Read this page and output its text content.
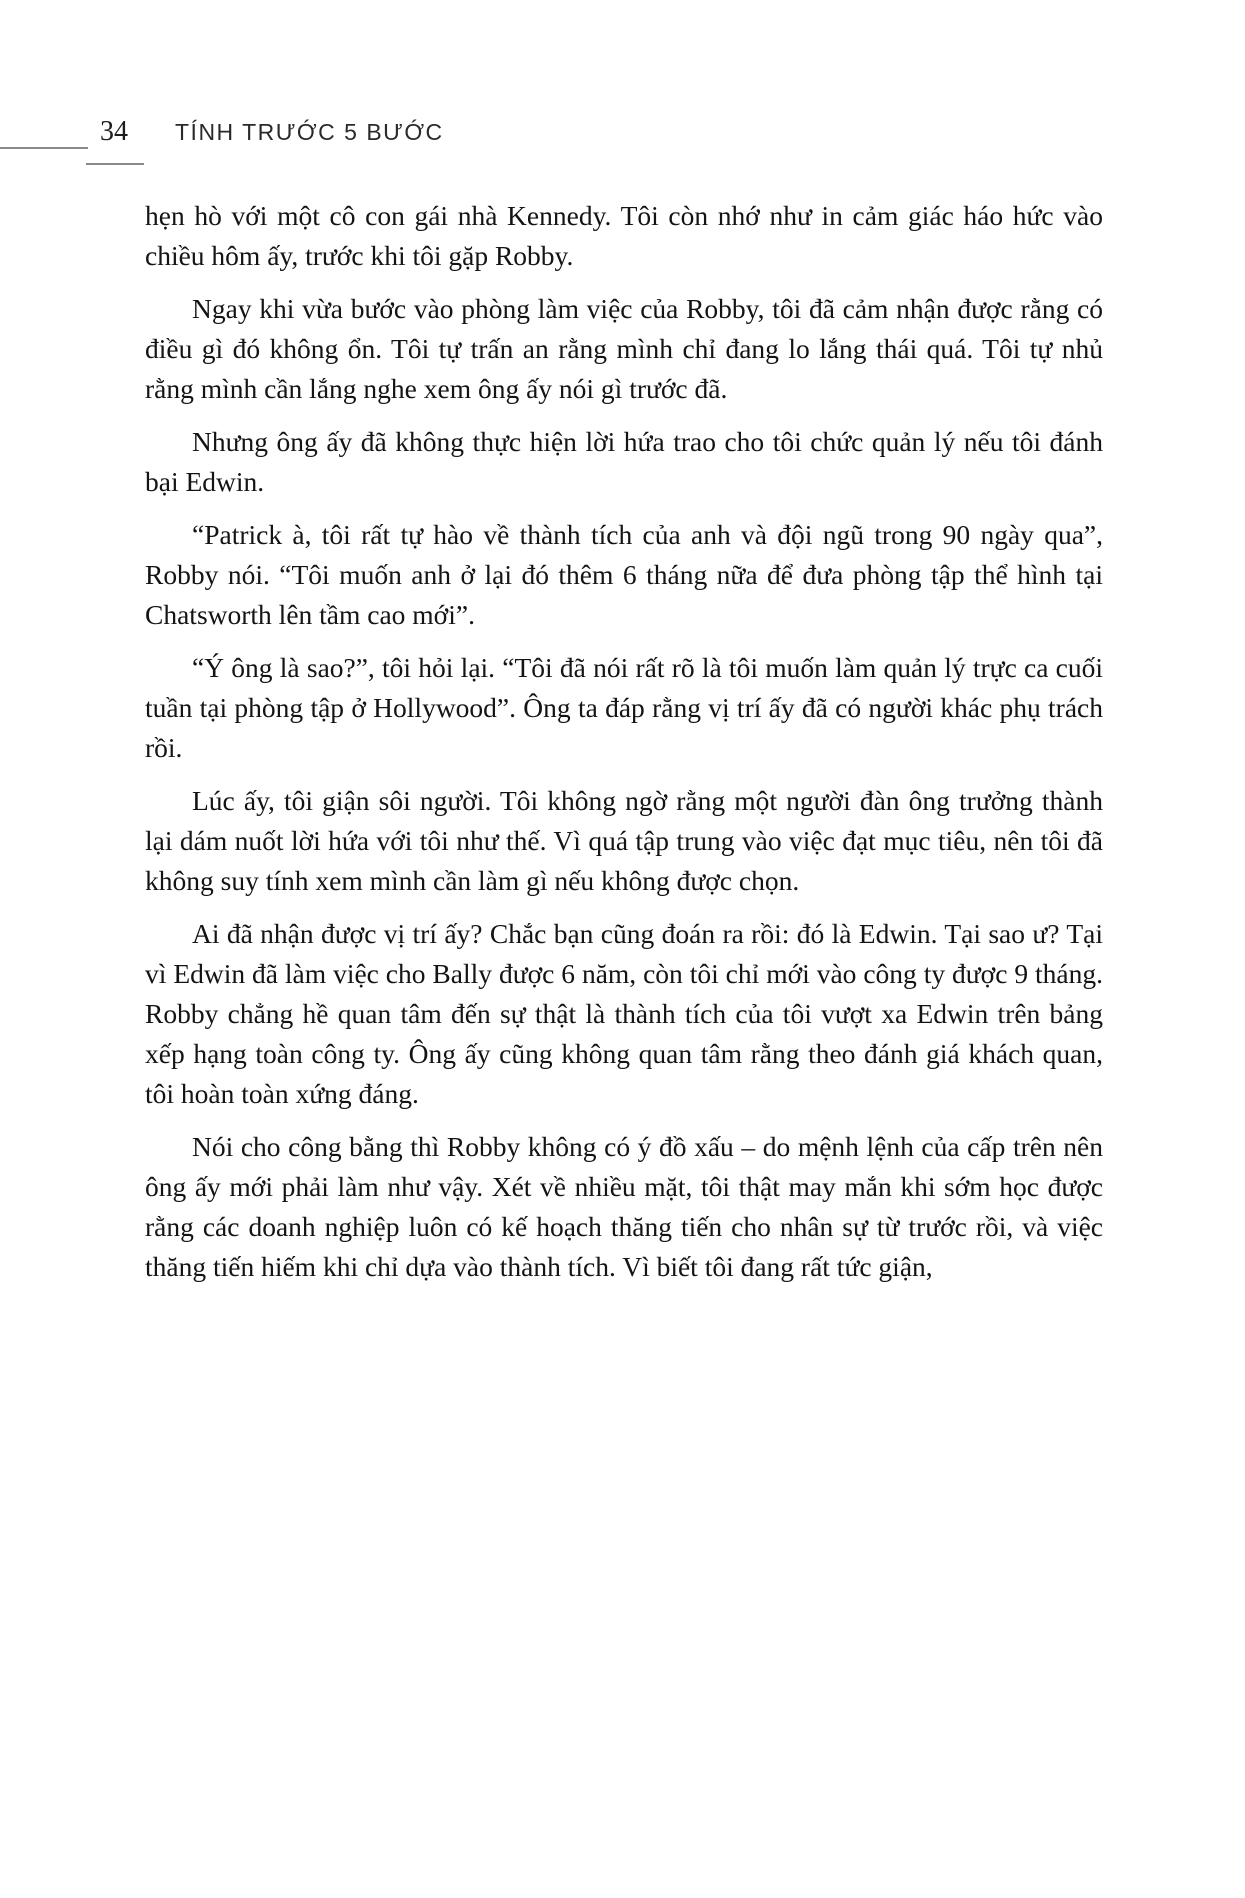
34 TÍNH TRƯỚC 5 BƯỚC

hẹn hò với một cô con gái nhà Kennedy. Tôi còn nhớ như in cảm giác háo hức vào chiều hôm ấy, trước khi tôi gặp Robby.

Ngay khi vừa bước vào phòng làm việc của Robby, tôi đã cảm nhận được rằng có điều gì đó không ổn. Tôi tự trấn an rằng mình chỉ đang lo lắng thái quá. Tôi tự nhủ rằng mình cần lắng nghe xem ông ấy nói gì trước đã.

Nhưng ông ấy đã không thực hiện lời hứa trao cho tôi chức quản lý nếu tôi đánh bại Edwin.

“Patrick à, tôi rất tự hào về thành tích của anh và đội ngũ trong 90 ngày qua”, Robby nói. “Tôi muốn anh ở lại đó thêm 6 tháng nữa để đưa phòng tập thể hình tại Chatsworth lên tầm cao mới”.

“Ý ông là sao?”, tôi hỏi lại. “Tôi đã nói rất rõ là tôi muốn làm quản lý trực ca cuối tuần tại phòng tập ở Hollywood”. Ông ta đáp rằng vị trí ấy đã có người khác phụ trách rồi.

Lúc ấy, tôi giận sôi người. Tôi không ngờ rằng một người đàn ông trưởng thành lại dám nuốt lời hứa với tôi như thế. Vì quá tập trung vào việc đạt mục tiêu, nên tôi đã không suy tính xem mình cần làm gì nếu không được chọn.

Ai đã nhận được vị trí ấy? Chắc bạn cũng đoán ra rồi: đó là Edwin. Tại sao ư? Tại vì Edwin đã làm việc cho Bally được 6 năm, còn tôi chỉ mới vào công ty được 9 tháng. Robby chẳng hề quan tâm đến sự thật là thành tích của tôi vượt xa Edwin trên bảng xếp hạng toàn công ty. Ông ấy cũng không quan tâm rằng theo đánh giá khách quan, tôi hoàn toàn xứng đáng.

Nói cho công bằng thì Robby không có ý đồ xấu – do mệnh lệnh của cấp trên nên ông ấy mới phải làm như vậy. Xét về nhiều mặt, tôi thật may mắn khi sớm học được rằng các doanh nghiệp luôn có kế hoạch thăng tiến cho nhân sự từ trước rồi, và việc thăng tiến hiếm khi chỉ dựa vào thành tích. Vì biết tôi đang rất tức giận,
